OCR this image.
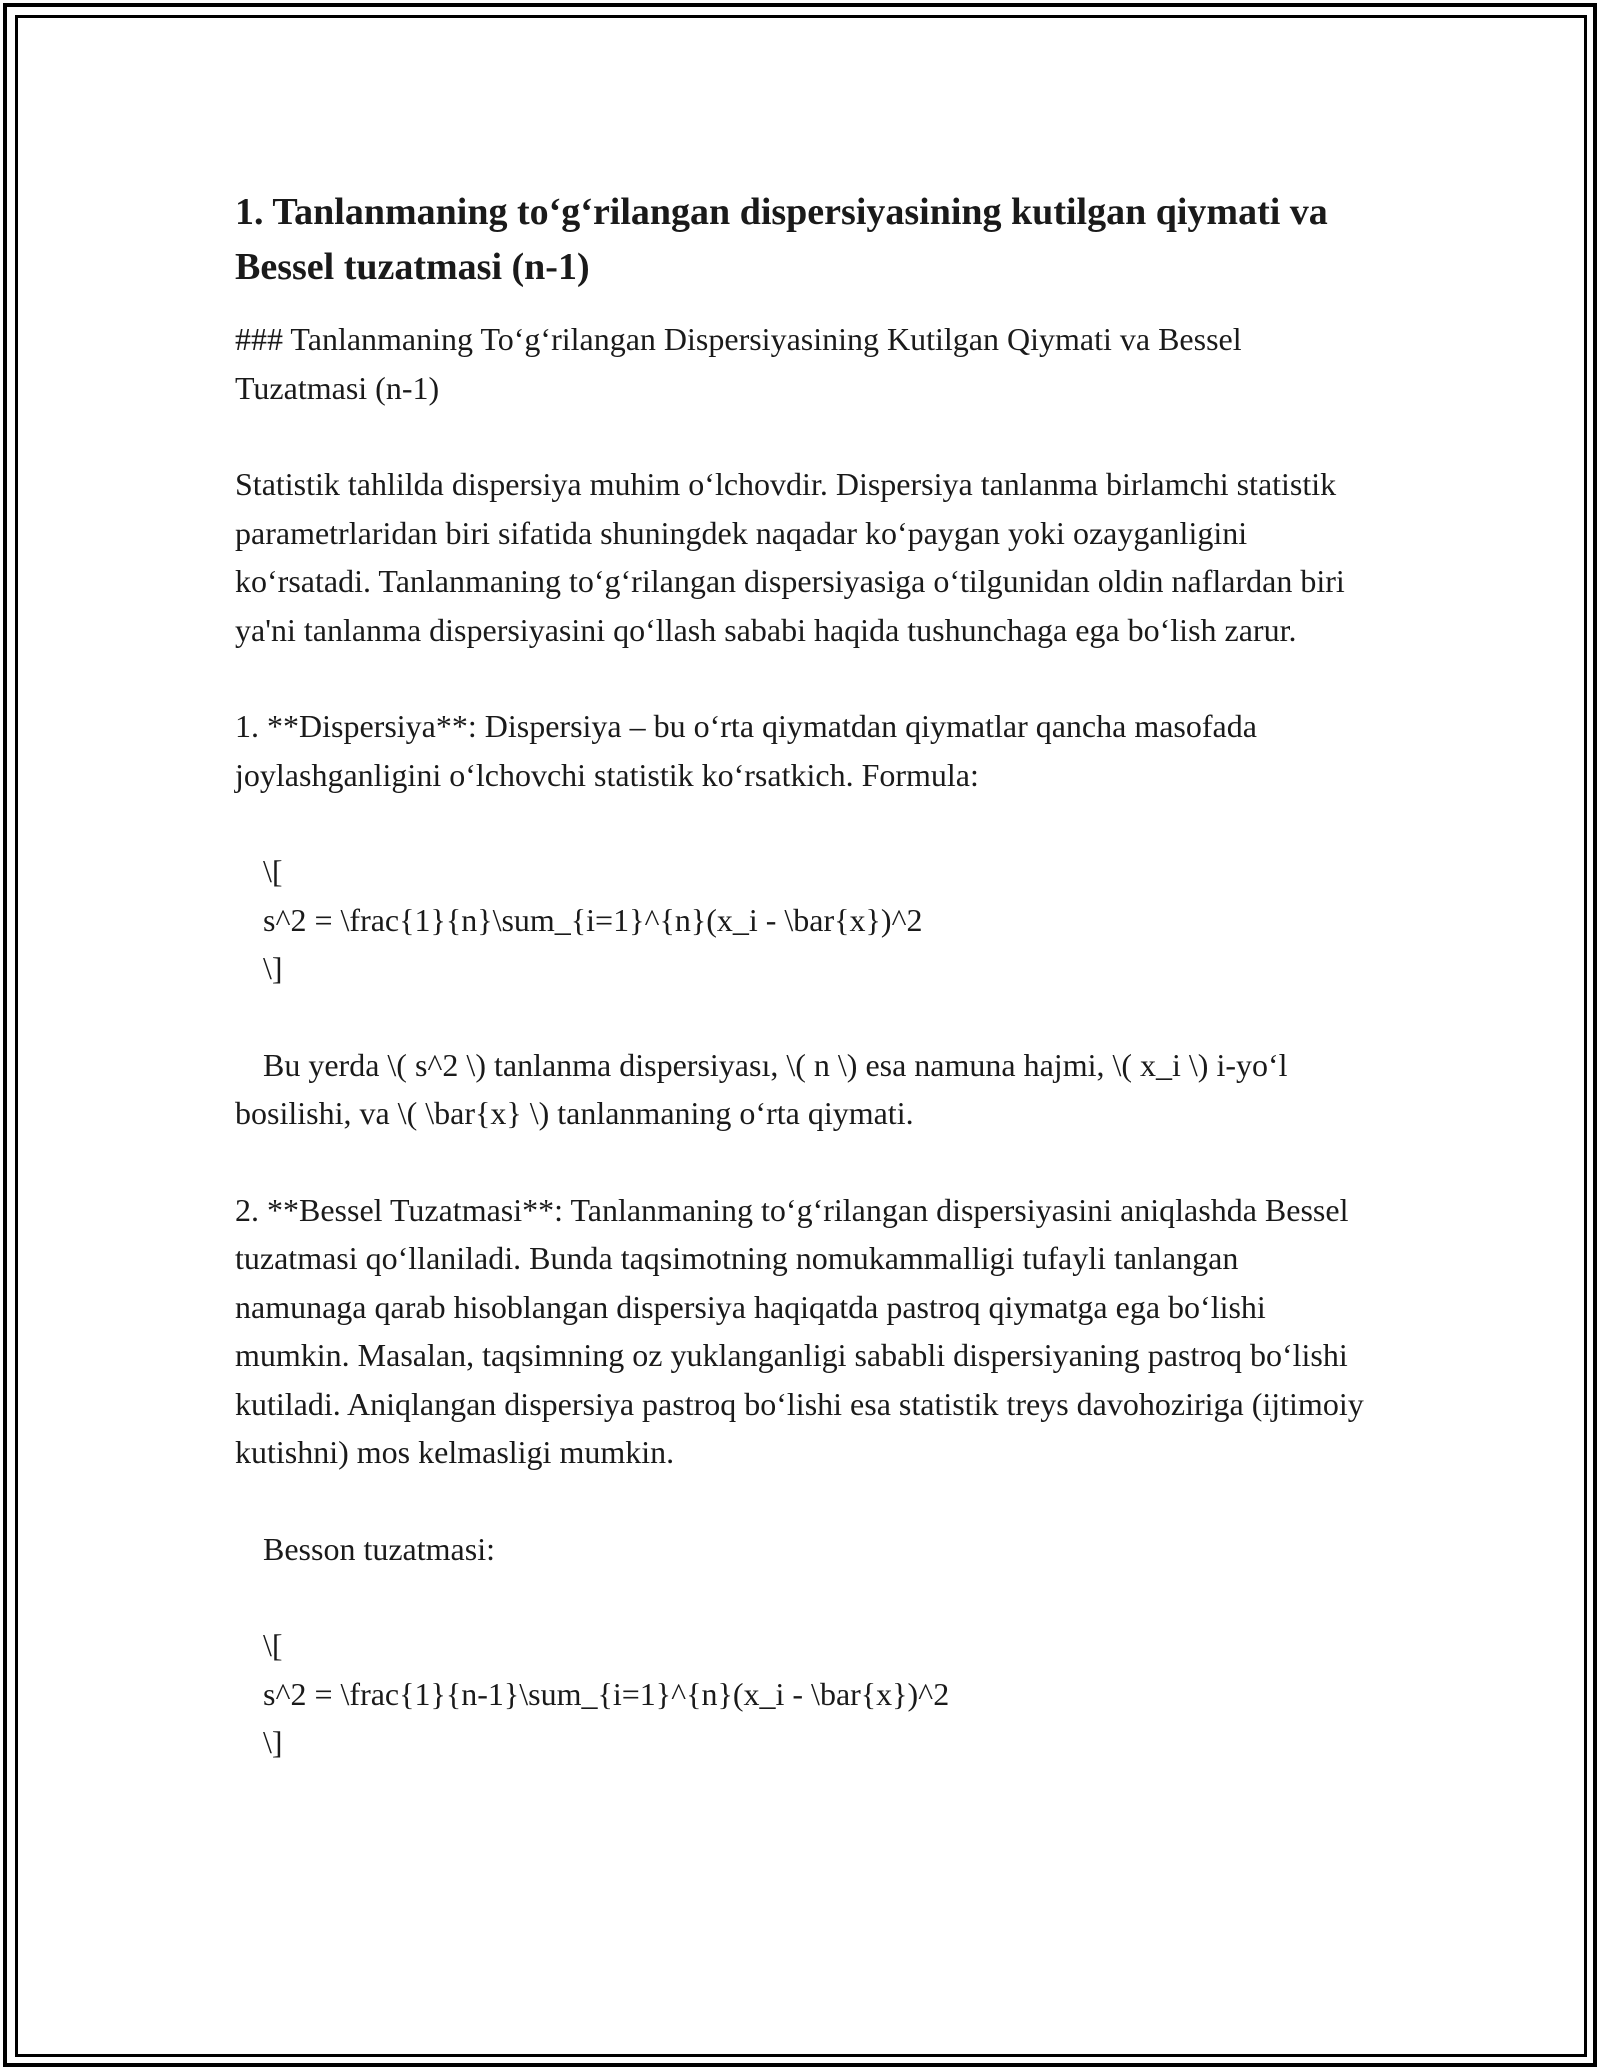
1. Tanlanmaning to‘g‘rilangan dispersiyasining kutilgan qiymati va Bessel tuzatmasi (n-1)

### Tanlanmaning To‘g‘rilangan Dispersiyasining Kutilgan Qiymati va Bessel Tuzatmasi (n-1)

Statistik tahlilda dispersiya muhim o‘lchovdir. Dispersiya tanlanma birlamchi statistik parametrlaridan biri sifatida shuningdek naqadar ko‘paygan yoki ozayganligini ko‘rsatadi. Tanlanmaning to‘g‘rilangan dispersiyasiga o‘tilgunidan oldin naflardan biri ya'ni tanlanma dispersiyasini qo‘llash sababi haqida tushunchaga ega bo‘lish zarur.

1. **Dispersiya**: Dispersiya – bu o‘rta qiymatdan qiymatlar qancha masofada joylashganligini o‘lchovchi statistik ko‘rsatkich. Formula:

\[
s^2 = \frac{1}{n}\sum_{i=1}^{n}(x_i - \bar{x})^2
\]

Bu yerda \( s^2 \) tanlanma dispersiyası, \( n \) esa namuna hajmi, \( x_i \) i-yo‘l bosilishi, va \( \bar{x} \) tanlanmaning o‘rta qiymati.

2. **Bessel Tuzatmasi**: Tanlanmaning to‘g‘rilangan dispersiyasini aniqlashda Bessel tuzatmasi qo‘llaniladi. Bunda taqsimotning nomukammalligi tufayli tanlangan namunaga qarab hisoblangan dispersiya haqiqatda pastroq qiymatga ega bo‘lishi mumkin. Masalan, taqsimning oz yuklanganligi sababli dispersiyaning pastroq bo‘lishi kutiladi. Aniqlangan dispersiya pastroq bo‘lishi esa statistik treys davohoziriga (ijtimoiy kutishni) mos kelmasligi mumkin.

Besson tuzatmasi:

\[
s^2 = \frac{1}{n-1}\sum_{i=1}^{n}(x_i - \bar{x})^2
\]
